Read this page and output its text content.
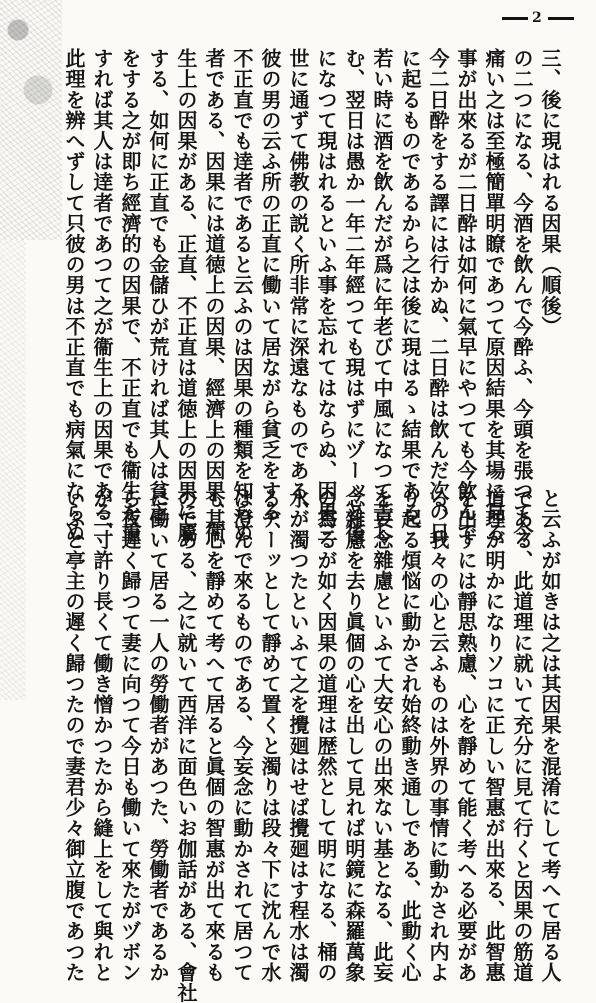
2
三、後に現はれる因果（順後）
の二つになる、今酒を飲んで今酔ふ、今頭を張つて今
痛い之は至極簡單明瞭であつて原因結果を其場に見る
事が出來るが二日酔は如何に氣早にやつても今飲んで
今二日酔をする譯には行かぬ、二日酔は飲んだ次の日
に起るものであるから之は後に現はるゝ結果である、
若い時に酒を飲んだが爲に年老びて中風になつて苦し
む、翌日は愚か一年二年經つても現はずにヅーッと後
になつて現はれるといふ事を忘れてはならぬ、因果三
世に通ずて佛教の説く所非常に深遠なものである、
彼の男の云ふ所の正直に働いて居ながら貧乏をする、
不正直でも逹者であると云ふのは因果の種類を知らぬ
者である、因果には道徳上の因果、經濟上の因果、衞
生上の因果がある、正直、不正直は道徳上の因果に屬
する、如何に正直でも金儲ひが荒ければ其人は貧乏
をする之が即ち經濟的の因果で、不正直でも衞生を重
すれば其人は逹者であつて之が衞生上の因果である、
此理を辨へずして只彼の男は不正直でも病氣にならぬ
と云ふが如きは之は其因果を混淆にして考へて居る人
である、此道理に就いて充分に見て行くと因果の筋道
道理が明かになりソコに正しい智惠が出來る、此智惠
を出すには靜思熟慮、心を靜めて能く考へる必要があ
る、我々の心と云ふものは外界の事情に動かされ内よ
り起る煩悩に動かされ始終動き通しである、此動く心
を妄念雜慮といふて大安心の出來ない基となる、此妄
念雜慮を去り眞個の心を出して見れば明鏡に森羅萬象
の寫るが如く因果の道理は歴然として明になる、桶の
水が濁つたといふて之を攪廻はせば攪廻はす程水は濁
るヂーッとして靜めて置くと濁りは段々下に沈んで水
は澄んで來るものである、今妄念に動かされて居つて
も其心を靜めて考へて居ると眞個の智惠が出て來るも
のである、之に就いて西洋に面色いお伽話がある、會社
に働いて居る一人の勞働者があつた、勞働者であるか
ら夜遲く歸つて妻に向つて今日も働いて來たがヅボン
が二寸許り長くて働き憎かつたから縫上をして與れと
いふと亭主の遲く歸つたので妻君少々御立腹であつた
